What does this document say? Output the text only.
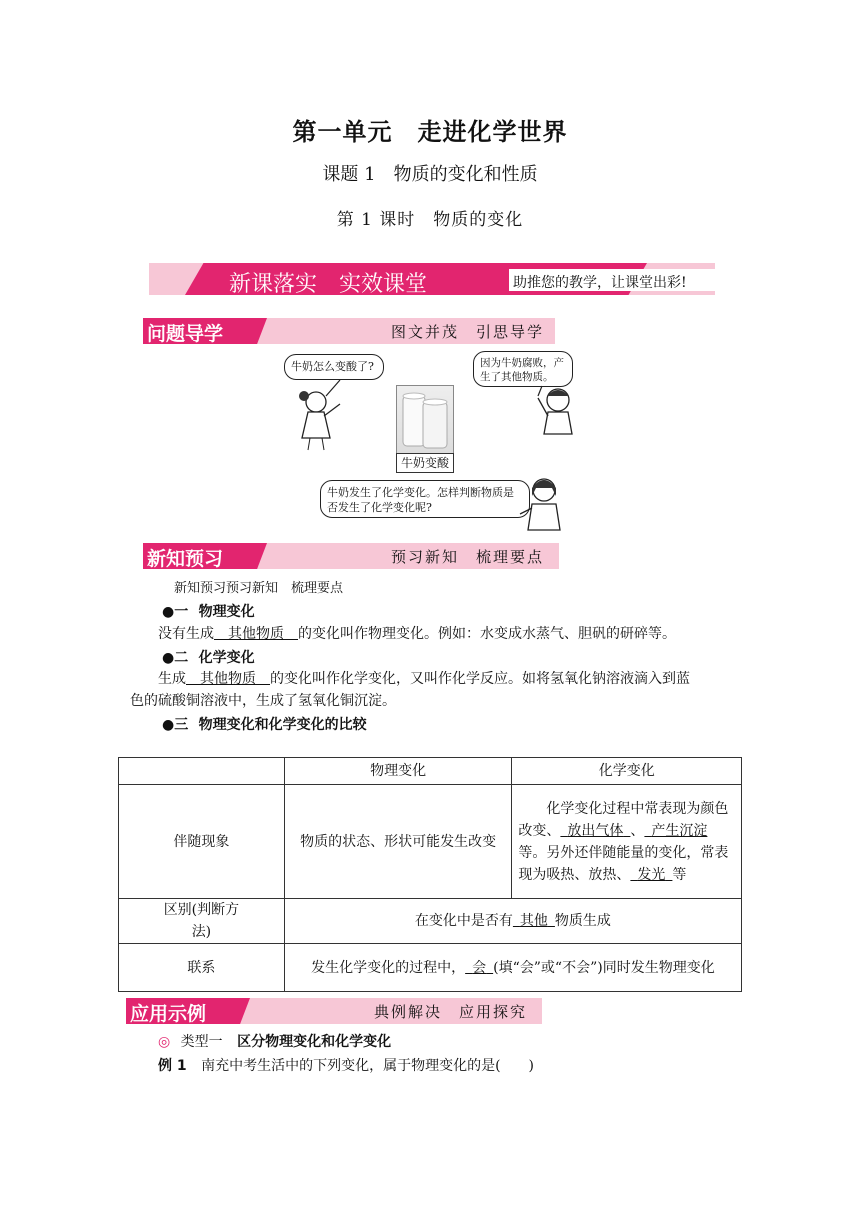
第一单元　走进化学世界
课题 1　物质的变化和性质
第 1 课时　物质的变化
新课落实　实效课堂	助推您的教学，让课堂出彩!
问题导学	图文并茂　引思导学
牛奶怎么变酸了?	因为牛奶腐败，产生了其他物质。
牛奶变酸
牛奶发生了化学变化。怎样判断物质是否发生了化学变化呢?
新知预习	预习新知　梳理要点
新知预习预习新知　梳理要点
●一 物理变化
没有生成   其他物质   的变化叫作物理变化。例如：水变成水蒸气、胆矾的研碎等。
●二 化学变化
生成   其他物质   的变化叫作化学变化，又叫作化学反应。如将氢氧化钠溶液滴入到蓝
色的硫酸铜溶液中，生成了氢氧化铜沉淀。
●三 物理变化和化学变化的比较
	物理变化	化学变化
伴随现象	物质的状态、形状可能发生改变	化学变化过程中常表现为颜色改变、  放出气体  、  产生沉淀等。另外还伴随能量的变化，常表现为吸热、放热、  发光  等
区别(判断方法)	在变化中是否有  其他  物质生成	
联系	发生化学变化的过程中，  会  (填“会”或“不会”)同时发生物理变化	
应用示例	典例解决　应用探究
◎ 类型一 区分物理变化和化学变化
例 1 南充中考生活中的下列变化，属于物理变化的是(　　)
